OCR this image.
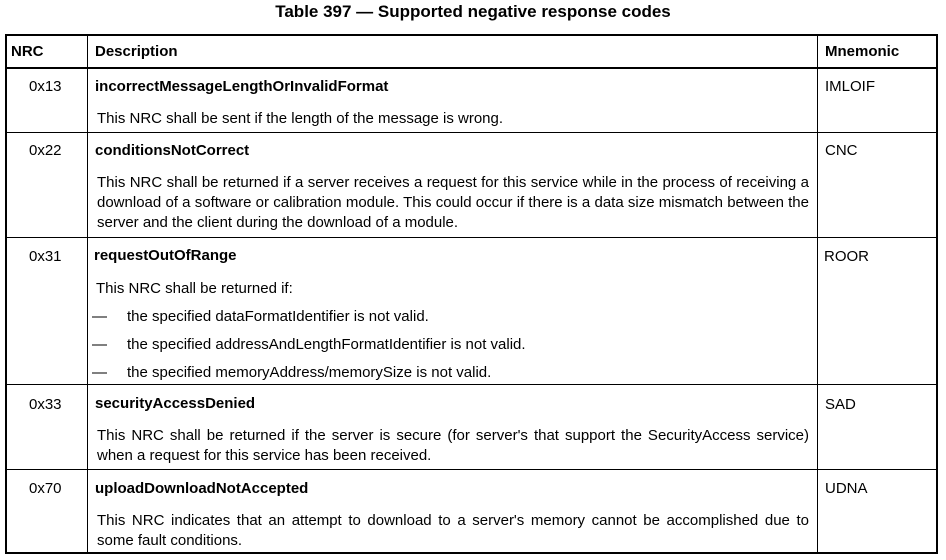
Table 397 — Supported negative response codes
NRC	Description	Mnemonic
0x13 incorrectMessageLengthOrInvalidFormat
This NRC shall be sent if the length of the message is wrong.
IMLOIF
0x22 conditionsNotCorrect
This NRC shall be returned if a server receives a request for this service while in the process of receiving a download of a software or calibration module. This could occur if there is a data size mismatch between the server and the client during the download of a module.
CNC
0x31 requestOutOfRange
This NRC shall be returned if:
— the specified dataFormatIdentifier is not valid.
— the specified addressAndLengthFormatIdentifier is not valid.
— the specified memoryAddress/memorySize is not valid.
ROOR
0x33 securityAccessDenied
This NRC shall be returned if the server is secure (for server's that support the SecurityAccess service) when a request for this service has been received.
SAD
0x70 uploadDownloadNotAccepted
This NRC indicates that an attempt to download to a server's memory cannot be accomplished due to some fault conditions.
UDNA
